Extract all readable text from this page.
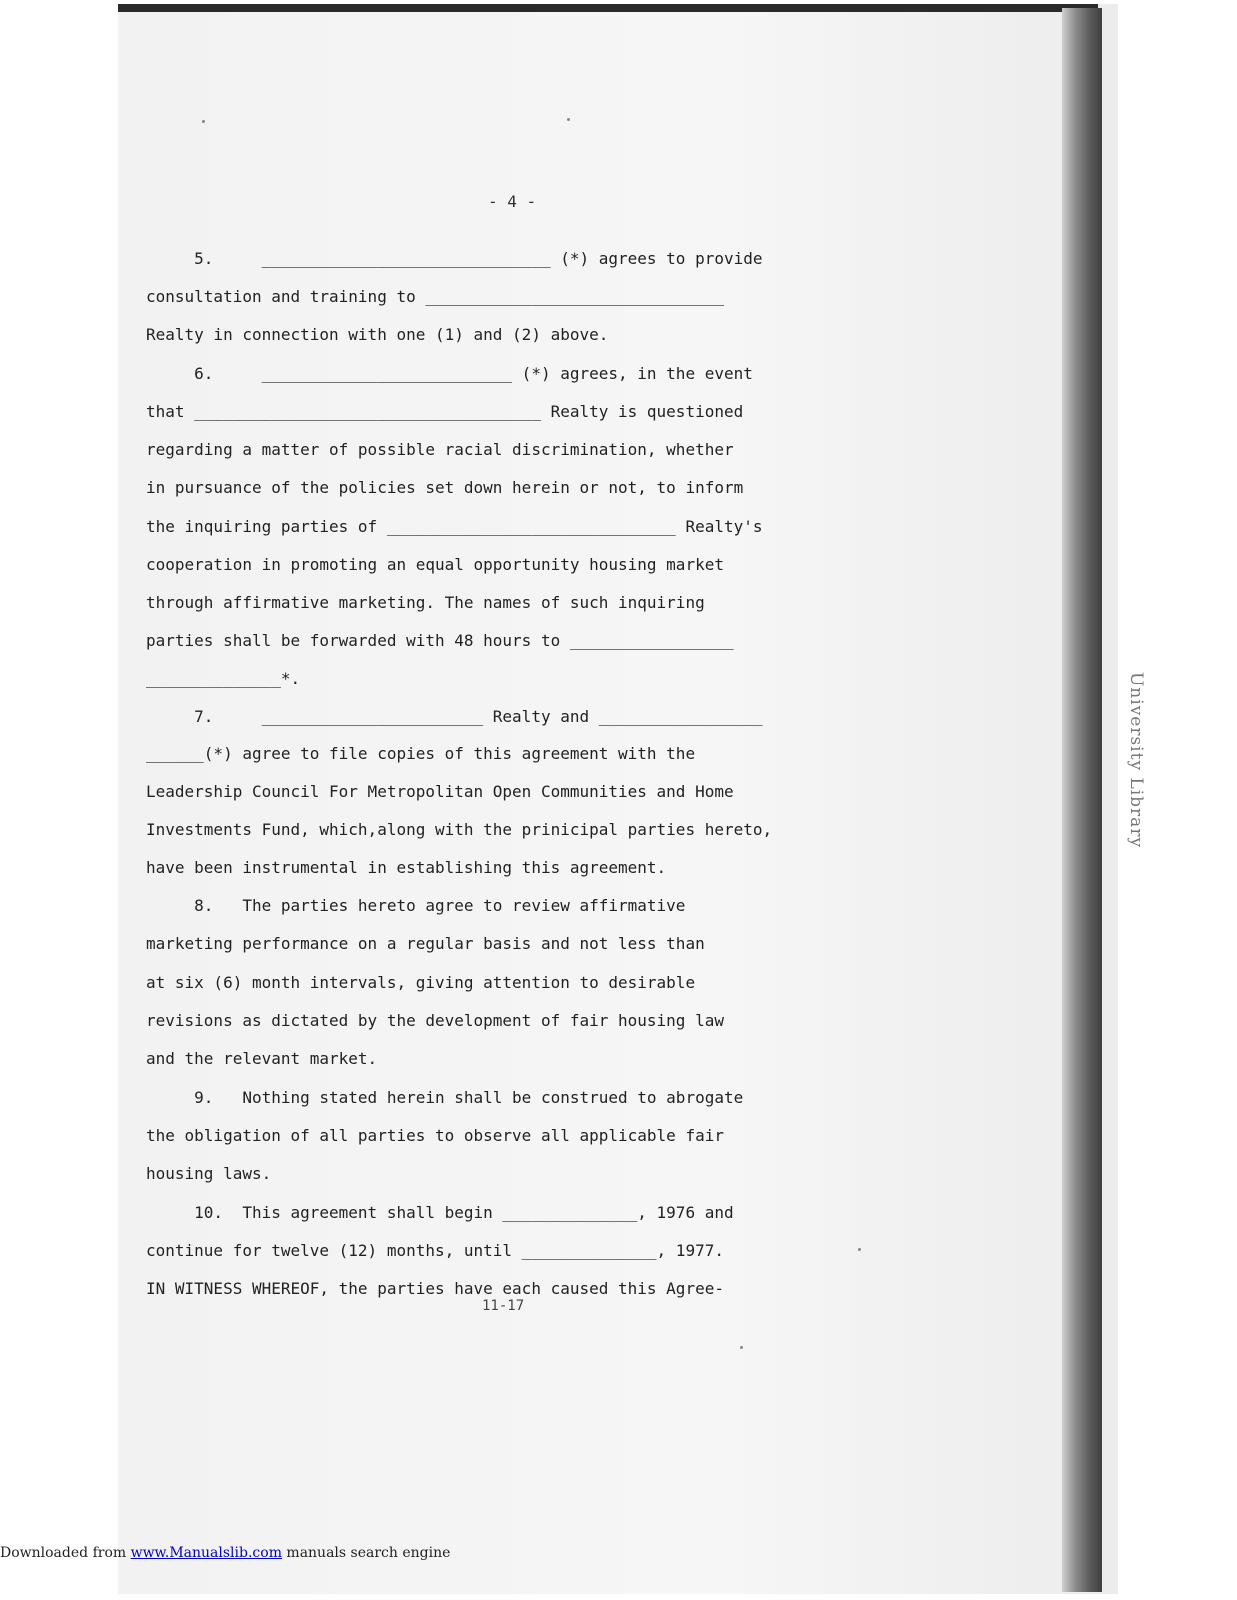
University Library
- 4 -
5.     ______________________________ (*) agrees to provide
consultation and training to _______________________________
Realty in connection with one (1) and (2) above.
6.     __________________________ (*) agrees, in the event
that ____________________________________ Realty is questioned
regarding a matter of possible racial discrimination, whether
in pursuance of the policies set down herein or not, to inform
the inquiring parties of ______________________________ Realty's
cooperation in promoting an equal opportunity housing market
through affirmative marketing. The names of such inquiring
parties shall be forwarded with 48 hours to _________________
______________*.
7.     _______________________ Realty and _________________
______(*) agree to file copies of this agreement with the
Leadership Council For Metropolitan Open Communities and Home
Investments Fund, which,along with the prinicipal parties hereto,
have been instrumental in establishing this agreement.
8.   The parties hereto agree to review affirmative
marketing performance on a regular basis and not less than
at six (6) month intervals, giving attention to desirable
revisions as dictated by the development of fair housing law
and the relevant market.
9.   Nothing stated herein shall be construed to abrogate
the obligation of all parties to observe all applicable fair
housing laws.
10.  This agreement shall begin ______________, 1976 and
continue for twelve (12) months, until ______________, 1977.
IN WITNESS WHEREOF, the parties have each caused this Agree-
11-17
Downloaded from www.Manualslib.com manuals search engine
